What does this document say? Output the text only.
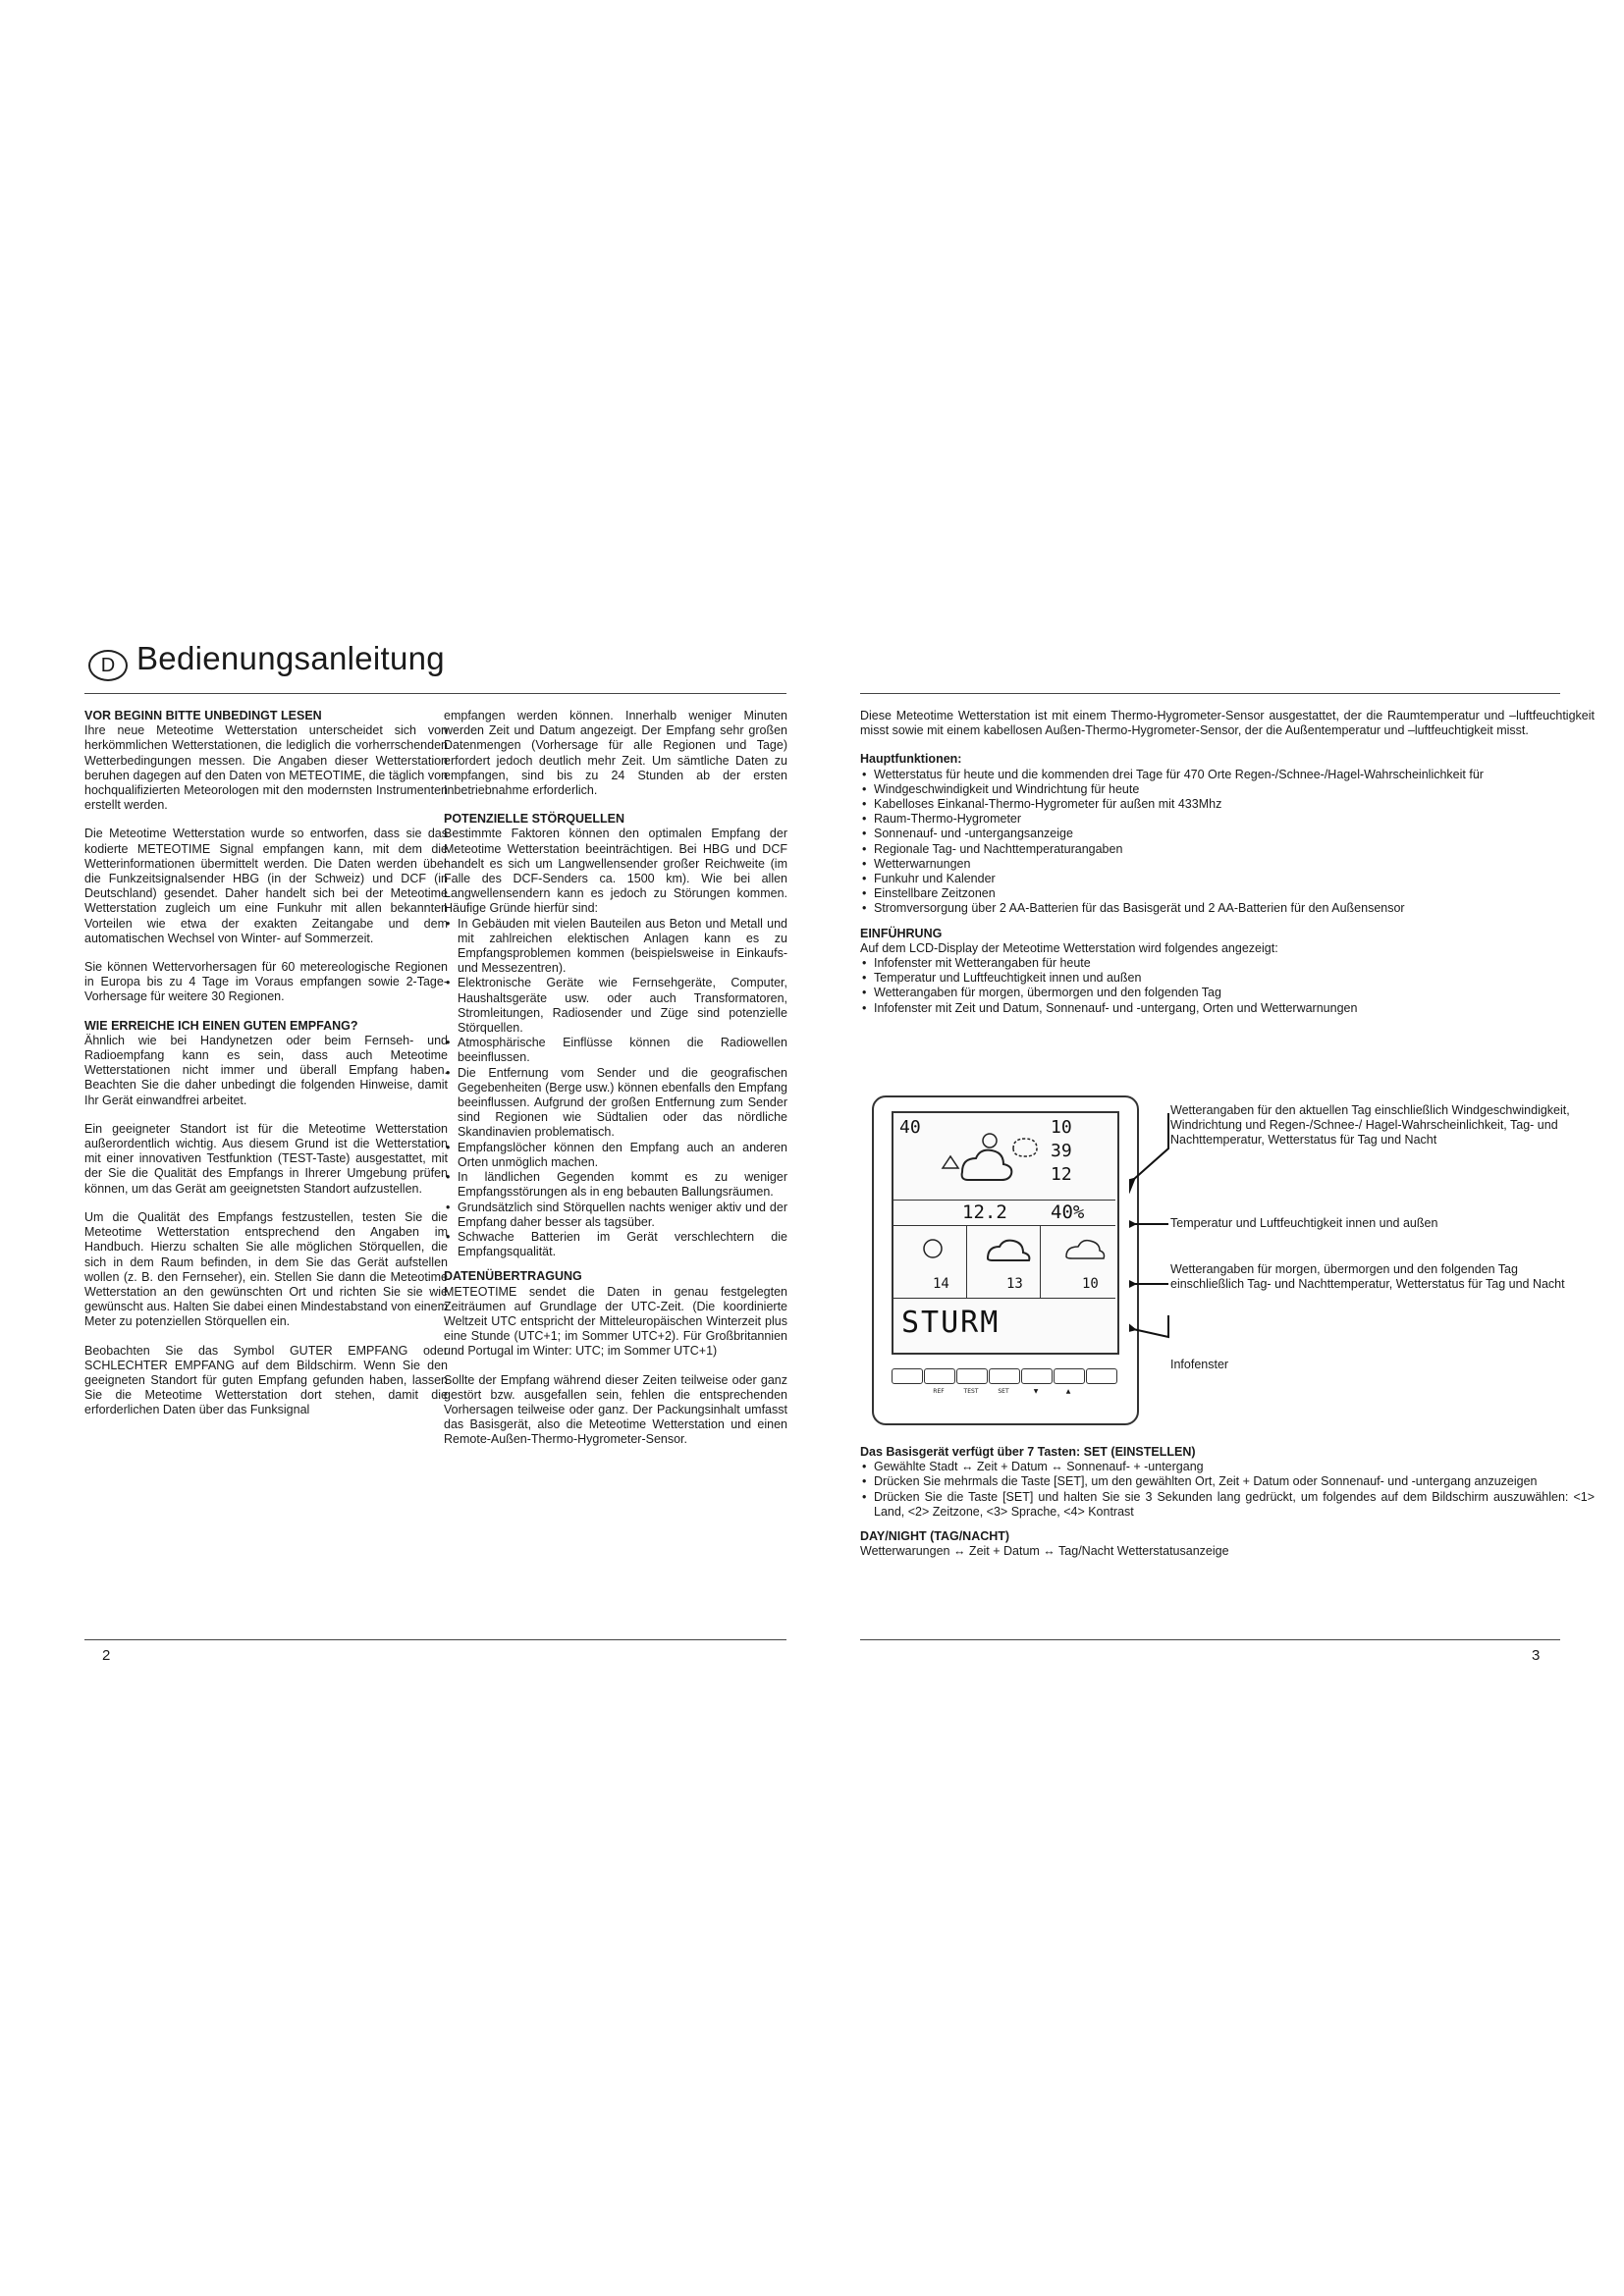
D Bedienungsanleitung
VOR BEGINN BITTE UNBEDINGT LESEN

Ihre neue Meteotime Wetterstation unterscheidet sich von herkömmlichen Wetterstationen, die lediglich die vorherrschenden Wetterbedingungen messen. Die Angaben dieser Wetterstation beruhen dagegen auf den Daten von METEOTIME, die täglich von hochqualifizierten Meteorologen mit den modernsten Instrumenten erstellt werden.

Die Meteotime Wetterstation wurde so entworfen, dass sie das kodierte METEOTIME Signal empfangen kann, mit dem die Wetterinformationen übermittelt werden. Die Daten werden über die Funkzeitsignalsender HBG (in der Schweiz) und DCF (in Deutschland) gesendet. Daher handelt sich bei der Meteotime Wetterstation zugleich um eine Funkuhr mit allen bekannten Vorteilen wie etwa der exakten Zeitangabe und dem automatischen Wechsel von Winter- auf Sommerzeit.

Sie können Wettervorhersagen für 60 metereologische Regionen in Europa bis zu 4 Tage im Voraus empfangen sowie 2-Tage-Vorhersage für weitere 30 Regionen.

WIE ERREICHE ICH EINEN GUTEN EMPFANG?

Ähnlich wie bei Handynetzen oder beim Fernseh- und Radioempfang kann es sein, dass auch Meteotime Wetterstationen nicht immer und überall Empfang haben. Beachten Sie die daher unbedingt die folgenden Hinweise, damit Ihr Gerät einwandfrei arbeitet.

Ein geeigneter Standort ist für die Meteotime Wetterstation außerordentlich wichtig. Aus diesem Grund ist die Wetterstation mit einer innovativen Testfunktion (TEST-Taste) ausgestattet, mit der Sie die Qualität des Empfangs in Ihrerer Umgebung prüfen können, um das Gerät am geeignetsten Standort aufzustellen.

Um die Qualität des Empfangs festzustellen, testen Sie die Meteotime Wetterstation entsprechend den Angaben im Handbuch. Hierzu schalten Sie alle möglichen Störquellen, die sich in dem Raum befinden, in dem Sie das Gerät aufstellen wollen (z. B. den Fernseher), ein. Stellen Sie dann die Meteotime Wetterstation an den gewünschten Ort und richten Sie sie wie gewünscht aus. Halten Sie dabei einen Mindestabstand von einem Meter zu potenziellen Störquellen ein.

Beobachten Sie das Symbol GUTER EMPFANG oder SCHLECHTER EMPFANG auf dem Bildschirm. Wenn Sie den geeigneten Standort für guten Empfang gefunden haben, lassen Sie die Meteotime Wetterstation dort stehen, damit die erforderlichen Daten über das Funksignal

empfangen werden können. Innerhalb weniger Minuten werden Zeit und Datum angezeigt. Der Empfang sehr großen Datenmengen (Vorhersage für alle Regionen und Tage) erfordert jedoch deutlich mehr Zeit. Um sämtliche Daten zu empfangen, sind bis zu 24 Stunden ab der ersten Inbetriebnahme erforderlich.

POTENZIELLE STÖRQUELLEN

Bestimmte Faktoren können den optimalen Empfang der Meteotime Wetterstation beeinträchtigen. Bei HBG und DCF handelt es sich um Langwellensender großer Reichweite (im Falle des DCF-Senders ca. 1500 km). Wie bei allen Langwellensendern kann es jedoch zu Störungen kommen. Häufige Gründe hierfür sind:

• In Gebäuden mit vielen Bauteilen aus Beton und Metall und mit zahlreichen elektischen Anlagen kann es zu Empfangsproblemen kommen (beispielsweise in Einkaufs- und Messezentren).
• Elektronische Geräte wie Fernsehgeräte, Computer, Haushaltsgeräte usw. oder auch Transformatoren, Stromleitungen, Radiosender und Züge sind potenzielle Störquellen.
• Atmosphärische Einflüsse können die Radiowellen beeinflussen.
• Die Entfernung vom Sender und die geografischen Gegebenheiten (Berge usw.) können ebenfalls den Empfang beeinflussen. Aufgrund der großen Entfernung zum Sender sind Regionen wie Südtalien oder das nördliche Skandinavien problematisch.
• Empfangslöcher können den Empfang auch an anderen Orten unmöglich machen.
• In ländlichen Gegenden kommt es zu weniger Empfangsstörungen als in eng bebauten Ballungsräumen.
• Grundsätzlich sind Störquellen nachts weniger aktiv und der Empfang daher besser als tagsüber.
• Schwache Batterien im Gerät verschlechtern die Empfangsqualität.
DATENÜBERTRAGUNG

METEOTIME sendet die Daten in genau festgelegten Zeiträumen auf Grundlage der UTC-Zeit. (Die koordinierte Weltzeit UTC entspricht der Mitteleuropäischen Winterzeit plus eine Stunde (UTC+1; im Sommer UTC+2). Für Großbritannien und Portugal im Winter: UTC; im Sommer UTC+1)

Sollte der Empfang während dieser Zeiten teilweise oder ganz gestört bzw. ausgefallen sein, fehlen die entsprechenden Vorhersagen teilweise oder ganz. Der Packungsinhalt umfasst das Basisgerät, also die Meteotime Wetterstation und einen Remote-Außen-Thermo-Hygrometer-Sensor.

Diese Meteotime Wetterstation ist mit einem Thermo-Hygrometer-Sensor ausgestattet, der die Raumtemperatur und –luftfeuchtigkeit misst sowie mit einem kabellosen Außen-Thermo-Hygrometer-Sensor, der die Außentemperatur und –luftfeuchtigkeit misst.

Hauptfunktionen:
• Wetterstatus für heute und die kommenden drei Tage für 470 Orte Regen-/Schnee-/Hagel-Wahrscheinlichkeit für
• Windgeschwindigkeit und Windrichtung für heute
• Kabelloses Einkanal-Thermo-Hygrometer für außen mit 433Mhz
• Raum-Thermo-Hygrometer
• Sonnenauf- und -untergangsanzeige
• Regionale Tag- und Nachttemperaturangaben
• Wetterwarnungen
• Funkuhr und Kalender
• Einstellbare Zeitzonen
• Stromversorgung über 2 AA-Batterien für das Basisgerät und 2 AA-Batterien für den Außensensor
EINFÜHRUNG
Auf dem LCD-Display der Meteotime Wetterstation wird folgendes angezeigt:
• Infofenster mit Wetterangaben für heute
• Temperatur und Luftfeuchtigkeit innen und außen
• Wetterangaben für morgen, übermorgen und den folgenden Tag
• Infofenster mit Zeit und Datum, Sonnenauf- und -untergang, Orten und Wetterwarnungen
40	10
39
12
12.2 40%
14	13	10
STURM
REF	TEST	SET	▼	▲
Wetterangaben für den aktuellen Tag einschließlich Windgeschwindigkeit, Windrichtung und Regen-/Schnee-/ Hagel-Wahrscheinlichkeit, Tag- und Nachttemperatur, Wetterstatus für Tag und Nacht
Temperatur und Luftfeuchtigkeit innen und außen
Wetterangaben für morgen, übermorgen und den folgenden Tag einschließlich Tag- und Nachttemperatur, Wetterstatus für Tag und Nacht
Infofenster
Das Basisgerät verfügt über 7 Tasten: SET (EINSTELLEN)
• Gewählte Stadt ↔ Zeit + Datum ↔ Sonnenauf- + -untergang
• Drücken Sie mehrmals die Taste [SET], um den gewählten Ort, Zeit + Datum oder Sonnenauf- und -untergang anzuzeigen
• Drücken Sie die Taste [SET] und halten Sie sie 3 Sekunden lang gedrückt, um folgendes auf dem Bildschirm auszuwählen: <1> Land, <2> Zeitzone, <3> Sprache, <4> Kontrast
DAY/NIGHT (TAG/NACHT)
Wetterwarungen ↔ Zeit + Datum ↔ Tag/Nacht Wetterstatusanzeige
2	3
